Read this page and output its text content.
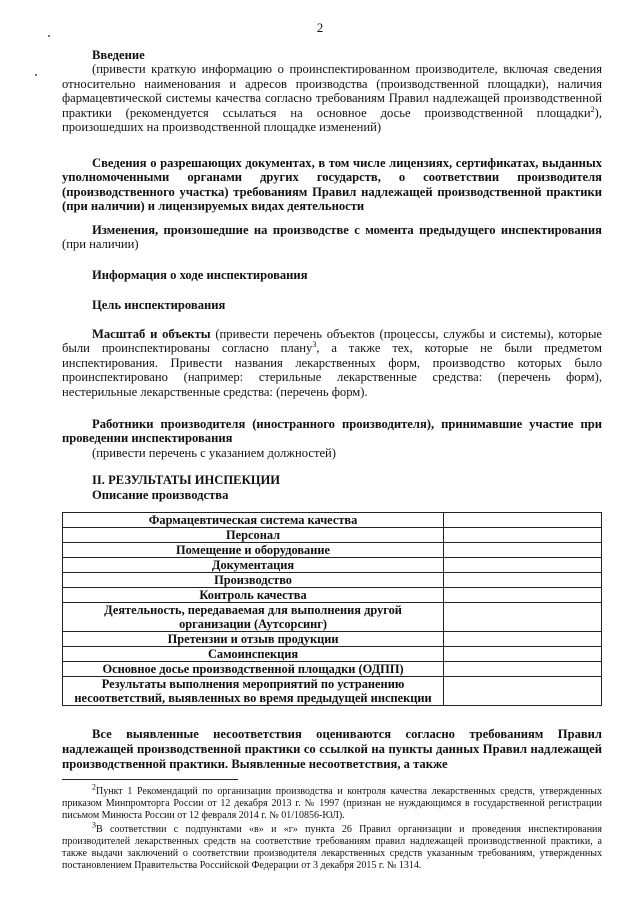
2
Введение
(привести краткую информацию о проинспектированном производителе, включая сведения относительно наименования и адресов производства (производственной площадки), наличия фармацевтической системы качества согласно требованиям Правил надлежащей производственной практики (рекомендуется ссылаться на основное досье производственной площадки$^2$), произошедших на производственной площадке изменений)
Сведения о разрешающих документах, в том числе лицензиях, сертификатах, выданных уполномоченными органами других государств, о соответствии производителя (производственного участка) требованиям Правил надлежащей производственной практики (при наличии) и лицензируемых видах деятельности
Изменения, произошедшие на производстве с момента предыдущего инспектирования (при наличии)
Информация о ходе инспектирования
Цель инспектирования
Масштаб и объекты (привести перечень объектов (процессы, службы и системы), которые были проинспектированы согласно плану$^3$, а также тех, которые не были предметом инспектирования. Привести названия лекарственных форм, производство которых было проинспектировано (например: стерильные лекарственные средства: (перечень форм), нестерильные лекарственные средства: (перечень форм).
Работники производителя (иностранного производителя), принимавшие участие при проведении инспектирования
(привести перечень с указанием должностей)
II. РЕЗУЛЬТАТЫ ИНСПЕКЦИИ
Описание производства
Фармацевтическая система качества	
Персонал	
Помещение и оборудование	
Документация	
Производство	
Контроль качества	
Деятельность, передаваемая для выполнения другой организации (Аутсорсинг)	
Претензии и отзыв продукции	
Самоинспекция	
Основное досье производственной площадки (ОДПП)	
Результаты выполнения мероприятий по устранению несоответствий, выявленных во время предыдущей инспекции	
Все выявленные несоответствия оцениваются согласно требованиям Правил надлежащей производственной практики со ссылкой на пункты данных Правил надлежащей производственной практики. Выявленные несоответствия, а также
$^2$Пункт 1 Рекомендаций по организации производства и контроля качества лекарственных средств, утвержденных приказом Минпромторга России от 12 декабря 2013 г. № 1997 (признан не нуждающимся в государственной регистрации письмом Минюста России от 12 февраля 2014 г. № 01/10856-ЮЛ).
$^3$В соответствии с подпунктами «в» и «г» пункта 26 Правил организации и проведения инспектирования производителей лекарственных средств на соответствие требованиям правил надлежащей производственной практики, а также выдачи заключений о соответствии производителя лекарственных средств указанным требованиям, утвержденных постановлением Правительства Российской Федерации от 3 декабря 2015 г. № 1314.
